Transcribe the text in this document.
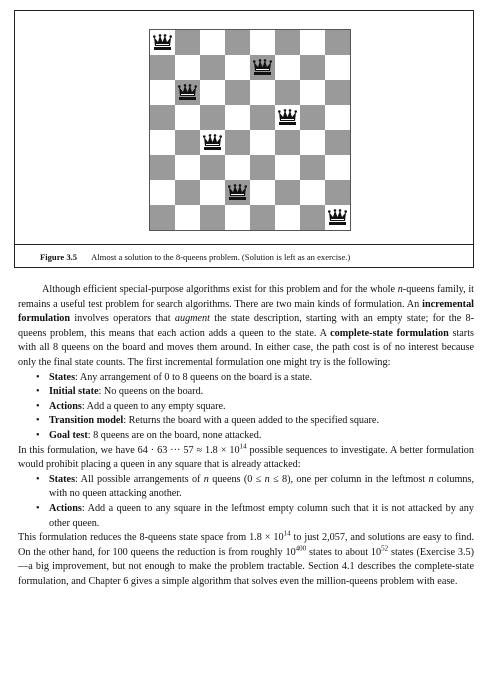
Figure 3.5 Almost a solution to the 8-queens problem. (Solution is left as an exercise.)

Although efficient special-purpose algorithms exist for this problem and for the whole n-queens family, it remains a useful test problem for search algorithms. There are two main kinds of formulation. An incremental formulation involves operators that augment the state description, starting with an empty state; for the 8-queens problem, this means that each action adds a queen to the state. A complete-state formulation starts with all 8 queens on the board and moves them around. In either case, the path cost is of no interest because only the final state counts. The first incremental formulation one might try is the following:

• States: Any arrangement of 0 to 8 queens on the board is a state.
• Initial state: No queens on the board.
• Actions: Add a queen to any empty square.
• Transition model: Returns the board with a queen added to the specified square.
• Goal test: 8 queens are on the board, none attacked.

In this formulation, we have 64 · 63 ··· $57 \approx 1.8 \times 10^{14}$ possible sequences to investigate. A better formulation would prohibit placing a queen in any square that is already attacked:

• States: All possible arrangements of n queens (0 ≤ n ≤ 8), one per column in the leftmost n columns, with no queen attacking another.
• Actions: Add a queen to any square in the leftmost empty column such that it is not attacked by any other queen.

This formulation reduces the 8-queens state space from $1.8 \times 10^{14}$ to just 2,057, and solutions are easy to find. On the other hand, for 100 queens the reduction is from roughly $10^{400}$ states to about $10^{52}$ states (Exercise 3.5)—a big improvement, but not enough to make the problem tractable. Section 4.1 describes the complete-state formulation, and Chapter 6 gives a simple algorithm that solves even the million-queens problem with ease.
